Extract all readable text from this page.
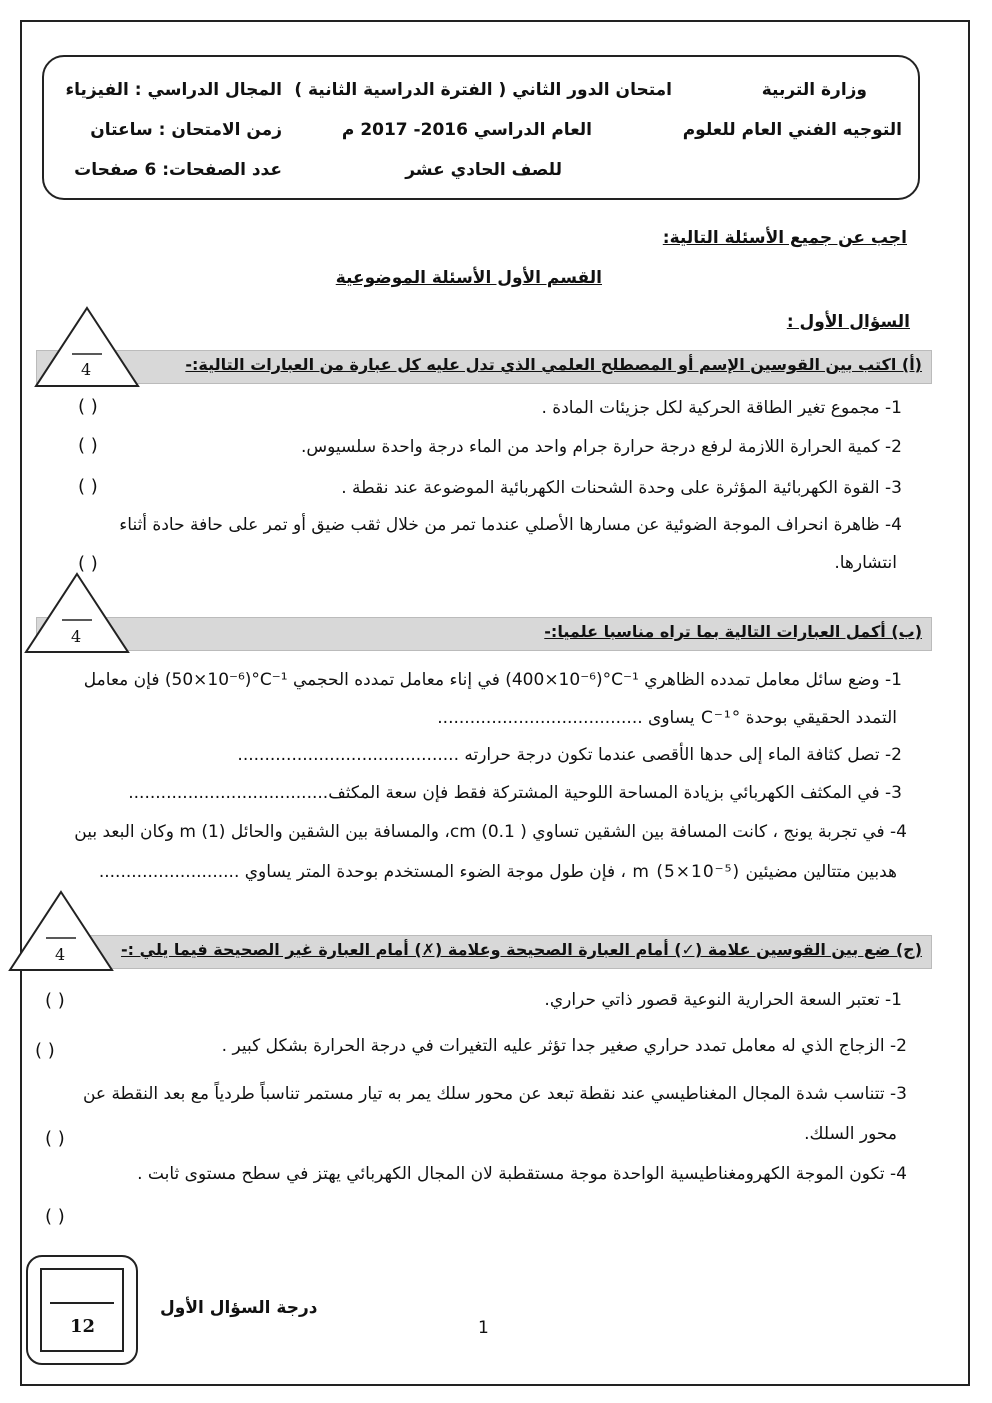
وزارة التربية
التوجيه الفني العام للعلوم
امتحان الدور الثاني ( الفترة الدراسية الثانية )
العام الدراسي 2016- 2017 م
للصف الحادي عشر
المجال الدراسي : الفيزياء
زمن الامتحان : ساعتان
عدد الصفحات: 6 صفحات
اجب عن جميع الأسئلة التالية:
القسم الأول الأسئلة الموضوعية
السؤال الأول :
(أ) اكتب بين القوسين الإسم أو المصطلح العلمي الذي تدل عليه كل عبارة من العبارات التالية:-
4
1- مجموع تغير الطاقة الحركية لكل جزيئات المادة .
( )
2- كمية الحرارة اللازمة لرفع درجة حرارة جرام واحد من الماء درجة واحدة سلسيوس.
( )
3- القوة الكهربائية المؤثرة على وحدة الشحنات الكهربائية الموضوعة عند نقطة .
( )
4- ظاهرة انحراف الموجة الضوئية عن مسارها الأصلي عندما تمر من خلال ثقب ضيق أو تمر على حافة حادة أثناء
انتشارها.
( )
(ب) أكمل العبارات التالية بما تراه مناسبا علميا:-
4
1- وضع سائل معامل تمدده الظاهري (400×10⁻⁶)°C⁻¹ في إناء معامل تمدده الحجمي (50×10⁻⁶)°C⁻¹ فإن معامل
التمدد الحقيقي بوحدة °C⁻¹ يساوى ......................................
2- تصل كثافة الماء إلى حدها الأقصى عندما تكون درجة حرارته .........................................
3- في المكثف الكهربائي بزيادة المساحة اللوحية المشتركة فقط فإن سعة المكثف.....................................
4- في تجربة يونج ، كانت المسافة بين الشقين تساوي cm (0.1 )، والمسافة بين الشقين والحائل m (1) وكان البعد بين
هدبين متتالين مضيئين m (5×10⁻⁵) ، فإن طول موجة الضوء المستخدم بوحدة المتر يساوي ..........................
(ج) ضع بين القوسين علامة (✓) أمام العبارة الصحيحة وعلامة (✗) أمام العبارة غير الصحيحة فيما يلي :-
4
1- تعتبر السعة الحرارية النوعية قصور ذاتي حراري.
( )
2- الزجاج الذي له معامل تمدد حراري صغير جدا تؤثر عليه التغيرات في درجة الحرارة بشكل كبير .
( )
3- تتناسب شدة المجال المغناطيسي عند نقطة تبعد عن محور سلك يمر به تيار مستمر تناسباً طردياً مع بعد النقطة عن
محور السلك.
( )
4- تكون الموجة الكهرومغناطيسية الواحدة موجة مستقطبة لان المجال الكهربائي يهتز في سطح مستوى ثابت .
( )
12
درجة السؤال الأول
1
